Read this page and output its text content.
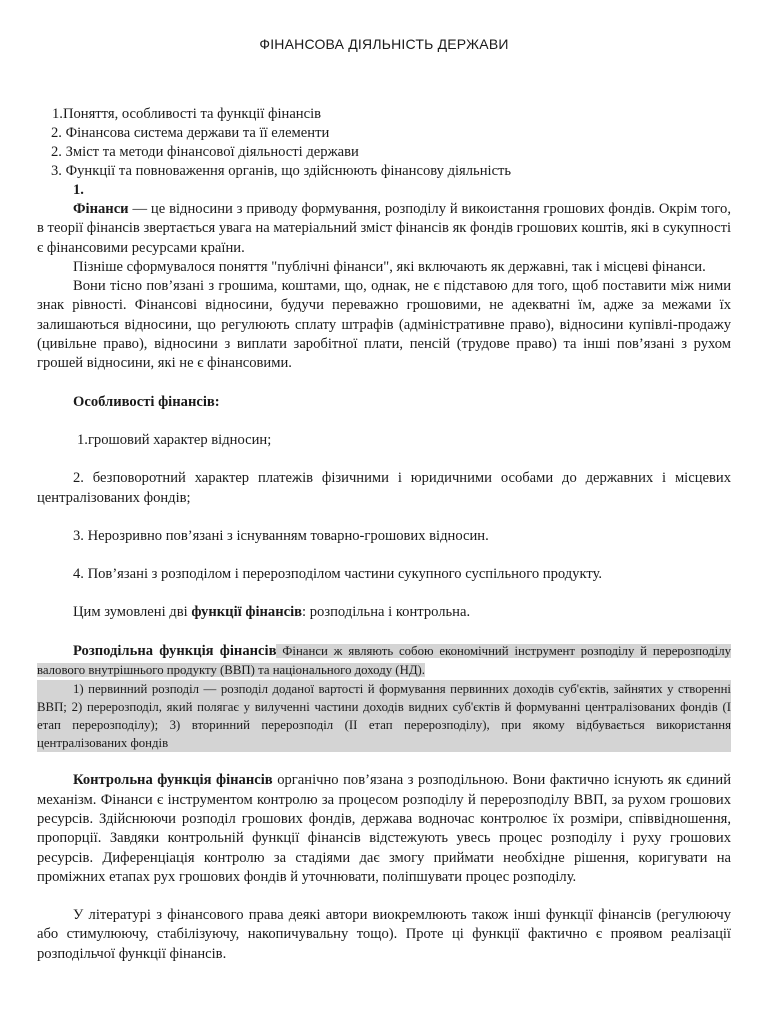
ФІНАНСОВА ДІЯЛЬНІСТЬ ДЕРЖАВИ
1.Поняття, особливості та функції фінансів
2. Фінансова система держави та її елементи
2. Зміст та методи фінансової діяльності держави
3. Функції та повноваження органів, що здійснюють фінансову діяльність
1.

Фінанси — це відносини з приводу формування, розподілу й викоистання грошових фондів. Окрім того, в теорії фінансів звертається увага на матеріальний зміст фінансів як фондів грошових коштів, які в сукупності є фінансовими ресурсами країни.

Пізніше сформувалося поняття "публічні фінанси", які включають як державні, так і місцеві фінанси.

Вони тісно пов’язані з грошима, коштами, що, однак, не є підставою для того, щоб поставити між ними знак рівності. Фінансові відносини, будучи переважно грошовими, не адекватні їм, адже за межами їх залишаються відносини, що регулюють сплату штрафів (адміністративне право), відносини купівлі-продажу (цивільне право), відносини з виплати заробітної плати, пенсій (трудове право) та інші пов’язані з рухом грошей відносини, які не є фінансовими.

Особливості фінансів:

1.грошовий характер відносин;

2. безповоротний характер платежів фізичними і юридичними особами до державних і місцевих централізованих фондів;

3. Нерозривно пов’язані з існуванням товарно-грошових відносин.

4. Пов’язані з розподілом і перерозподілом частини сукупного суспільного продукту.

Цим зумовлені дві функції фінансів: розподільна і контрольна.

Розподільна функція фінансів Фінанси ж являють собою економічний інструмент розподілу й перерозподілу валового внутрішнього продукту (ВВП) та національного доходу (НД).

1) первинний розподіл — розподіл доданої вартості й формування первинних доходів суб'єктів, зайнятих у створенні ВВП; 2) перерозподіл, який полягає у вилученні частини доходів видних суб'єктів й формуванні централізованих фондів (І етап перерозподілу); 3) вторинний перерозподіл (ІІ етап перерозподілу), при якому відбувається використання централізованих фондів

Контрольна функція фінансів органічно пов’язана з розподільною. Вони фактично існують як єдиний механізм. Фінанси є інструментом контролю за процесом розподілу й перерозподілу ВВП, за рухом грошових ресурсів. Здійснюючи розподіл грошових фондів, держава водночас контролює їх розміри, співвідношення, пропорції. Завдяки контрольній функції фінансів відстежують увесь процес розподілу і руху грошових ресурсів. Диференціація контролю за стадіями дає змогу приймати необхідне рішення, коригувати на проміжних етапах рух грошових фондів й уточнювати, поліпшувати процес розподілу.

У літературі з фінансового права деякі автори виокремлюють також інші функції фінансів (регулюючу або стимулюючу, стабілізуючу, накопичувальну тощо). Проте ці функції фактично є проявом реалізації розподільчої функції фінансів.
